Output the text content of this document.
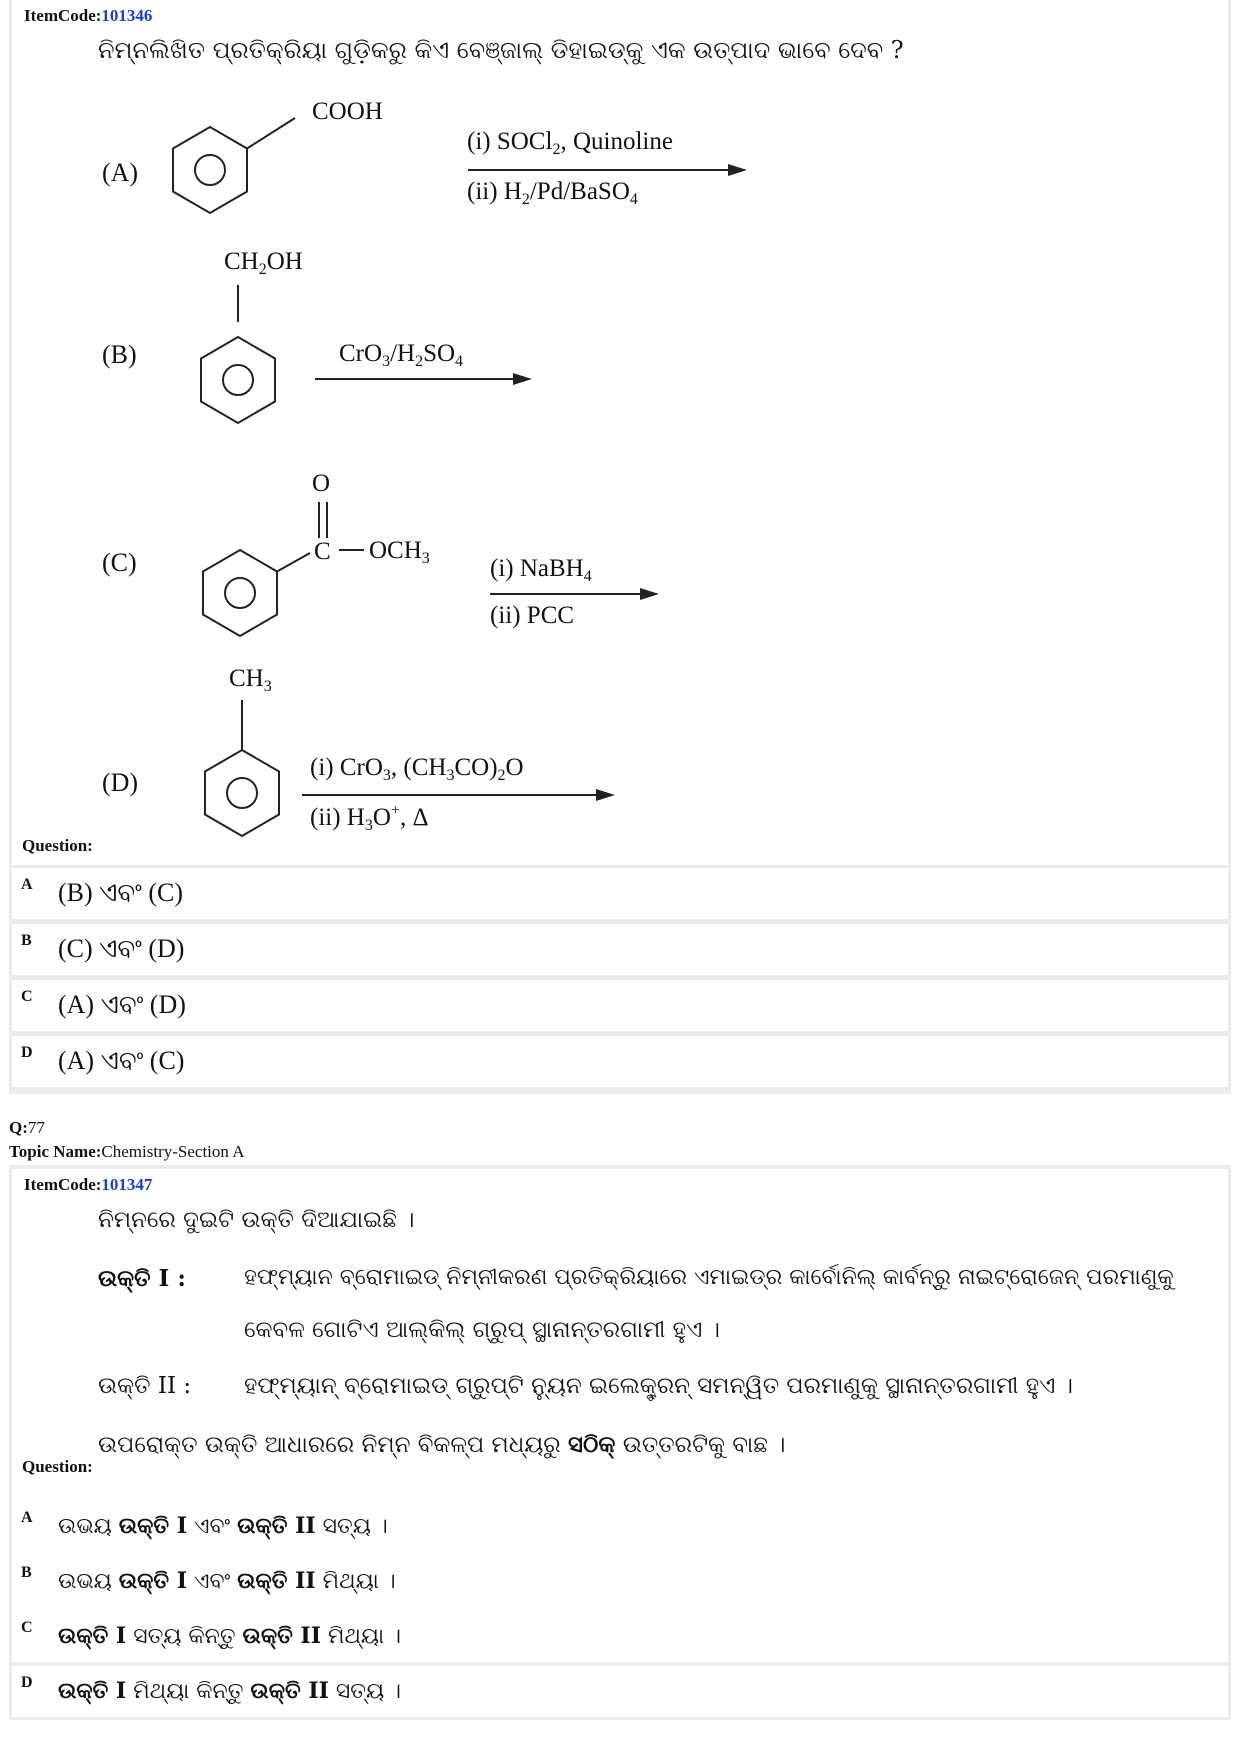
ItemCode:101346
ନିମ୍ନଲିଖିତ ପ୍ରତିକ୍ରିୟା ଗୁଡ଼ିକରୁ କିଏ ବେଞ୍ଜାଲ୍ ଡିହାଇଡ୍‌କୁ ଏକ ଉତ୍ପାଦ ଭାବେ ଦେବ ?
(A)
COOH
(i) SOCl$_2$, Quinoline
(ii) $H_2/Pd/BaSO_4$
(B)
$CH_2OH$
$CrO_3/H_2SO_4$
(C)
O
C $OCH_3$ (i) NaBH$_4$
(ii) PCC
(D)
$CH_3$
(i) CrO$_3$, $(CH_3CO)_2O$
(ii) $H_3O^+$, Δ
Question:
A (B) ଏବଂ (C)
B (C) ଏବଂ (D)
C (A) ଏବଂ (D)
D (A) ଏବଂ (C)
Q:77
Topic Name:Chemistry-Section A
ItemCode:101347
ନିମ୍ନରେ ଦୁଇଟି ଉକ୍ତି ଦିଆଯାଇଛି ।
ଉକ୍ତି I :	ହଫ୍‌ମ୍ୟାନ ବ୍ରୋମାଇଡ୍ ନିମ୍ନୀକରଣ ପ୍ରତିକ୍ରିୟାରେ ଏମାଇଡ୍‌ର କାର୍ବୋନିଲ୍ କାର୍ବନ୍‌ରୁ ନାଇଟ୍ରୋଜେନ୍ ପରମାଣୁକୁ
କେବଳ ଗୋଟିଏ ଆଲ୍‌କିଲ୍ ଗ୍ରୁପ୍ ସ୍ଥାନାନ୍ତରଗାମୀ ହୁଏ ।
ଉକ୍ତି II : ହଫ୍‌ମ୍ୟାନ୍ ବ୍ରୋମାଇଡ୍ ଗ୍ରୁପ୍‌ଟି ନ୍ୟୁନ ଇଲେକ୍ଟ୍ରନ୍ ସମନ୍ୱିତ ପରମାଣୁକୁ ସ୍ଥାନାନ୍ତରଗାମୀ ହୁଏ ।
ଉପରୋକ୍ତ ଉକ୍ତି ଆଧାରରେ ନିମ୍ନ ବିକଳ୍ପ ମଧ୍ୟରୁ ସଠିକ୍ ଉତ୍ତରଟିକୁ ବାଛ ।
Question:
A ଉଭୟ ଉକ୍ତି I ଏବଂ ଉକ୍ତି II ସତ୍ୟ ।
B ଉଭୟ ଉକ୍ତି I ଏବଂ ଉକ୍ତି II ମିଥ୍ୟା ।
C ଉକ୍ତି I ସତ୍ୟ କିନ୍ତୁ ଉକ୍ତି II ମିଥ୍ୟା ।
D ଉକ୍ତି I ମିଥ୍ୟା କିନ୍ତୁ ଉକ୍ତି II ସତ୍ୟ ।
